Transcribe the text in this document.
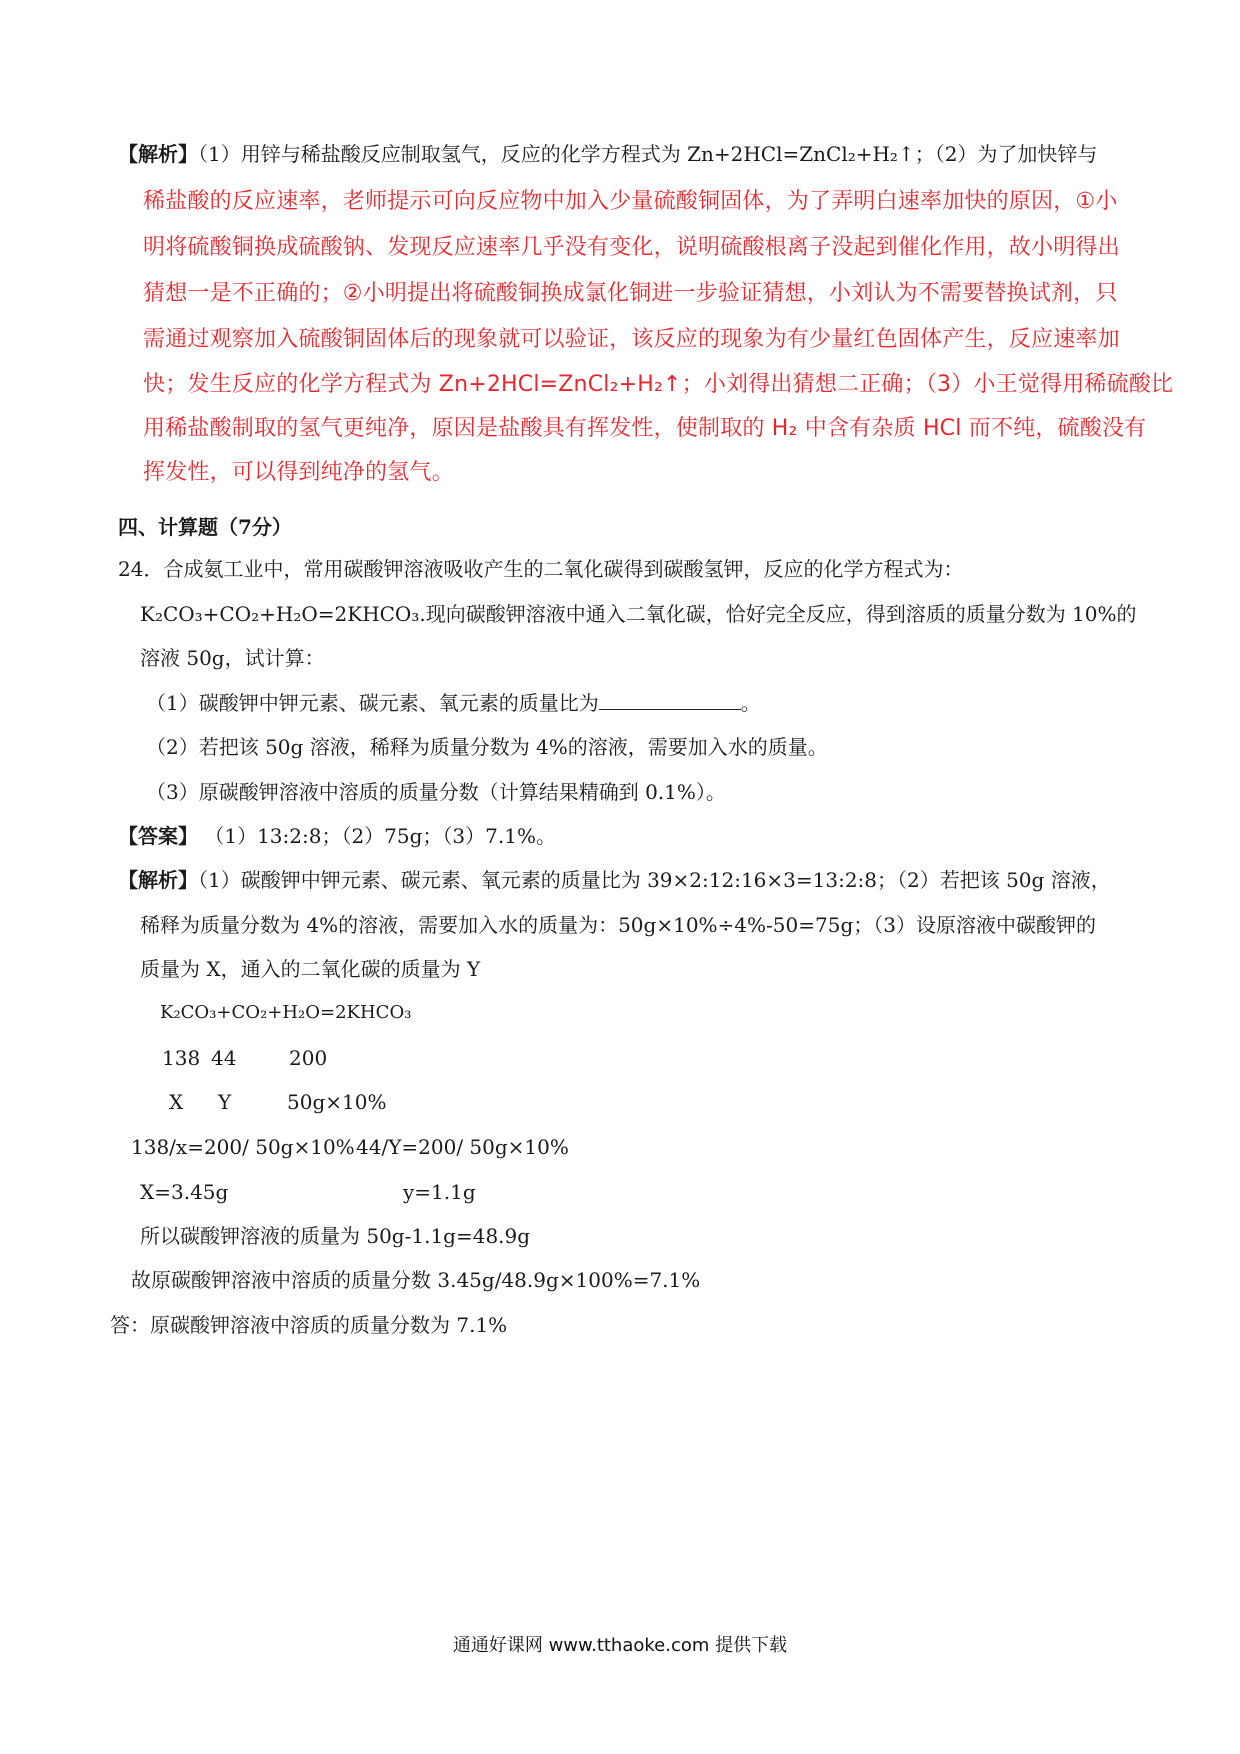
【解析】（1）用锌与稀盐酸反应制取氢气，反应的化学方程式为 Zn+2HCl=ZnCl₂+H₂↑；（2）为了加快锌与
稀盐酸的反应速率，老师提示可向反应物中加入少量硫酸铜固体，为了弄明白速率加快的原因，①小
明将硫酸铜换成硫酸钠、发现反应速率几乎没有变化，说明硫酸根离子没起到催化作用，故小明得出
猜想一是不正确的；②小明提出将硫酸铜换成氯化铜进一步验证猜想，小刘认为不需要替换试剂，只
需通过观察加入硫酸铜固体后的现象就可以验证，该反应的现象为有少量红色固体产生，反应速率加
快；发生反应的化学方程式为 Zn+2HCl=ZnCl₂+H₂↑；小刘得出猜想二正确；（3）小王觉得用稀硫酸比
用稀盐酸制取的氢气更纯净，原因是盐酸具有挥发性，使制取的 H₂ 中含有杂质 HCl 而不纯，硫酸没有
挥发性，可以得到纯净的氢气。
四、计算题（7分）
24．合成氨工业中，常用碳酸钾溶液吸收产生的二氧化碳得到碳酸氢钾，反应的化学方程式为：
K₂CO₃+CO₂+H₂O=2KHCO₃.现向碳酸钾溶液中通入二氧化碳，恰好完全反应，得到溶质的质量分数为 10%的
溶液 50g，试计算：
（1）碳酸钾中钾元素、碳元素、氧元素的质量比为	。
（2）若把该 50g 溶液，稀释为质量分数为 4%的溶液，需要加入水的质量。
（3）原碳酸钾溶液中溶质的质量分数（计算结果精确到 0.1%）。
【答案】 （1）13:2:8；（2）75g；（3）7.1%。
【解析】（1）碳酸钾中钾元素、碳元素、氧元素的质量比为 39×2:12:16×3=13:2:8；（2）若把该 50g 溶液，
稀释为质量分数为 4%的溶液，需要加入水的质量为：50g×10%÷4%-50=75g；（3）设原溶液中碳酸钾的
质量为 X，通入的二氧化碳的质量为 Y
K₂CO₃+CO₂+H₂O=2KHCO₃
138 44	200
X Y	50g×10%
138/x=200/ 50g×10% 44/Y=200/ 50g×10%
X=3.45g	y=1.1g
所以碳酸钾溶液的质量为 50g-1.1g=48.9g
故原碳酸钾溶液中溶质的质量分数 3.45g/48.9g×100%=7.1%
答：原碳酸钾溶液中溶质的质量分数为 7.1%
通通好课网 www.tthaoke.com 提供下载
